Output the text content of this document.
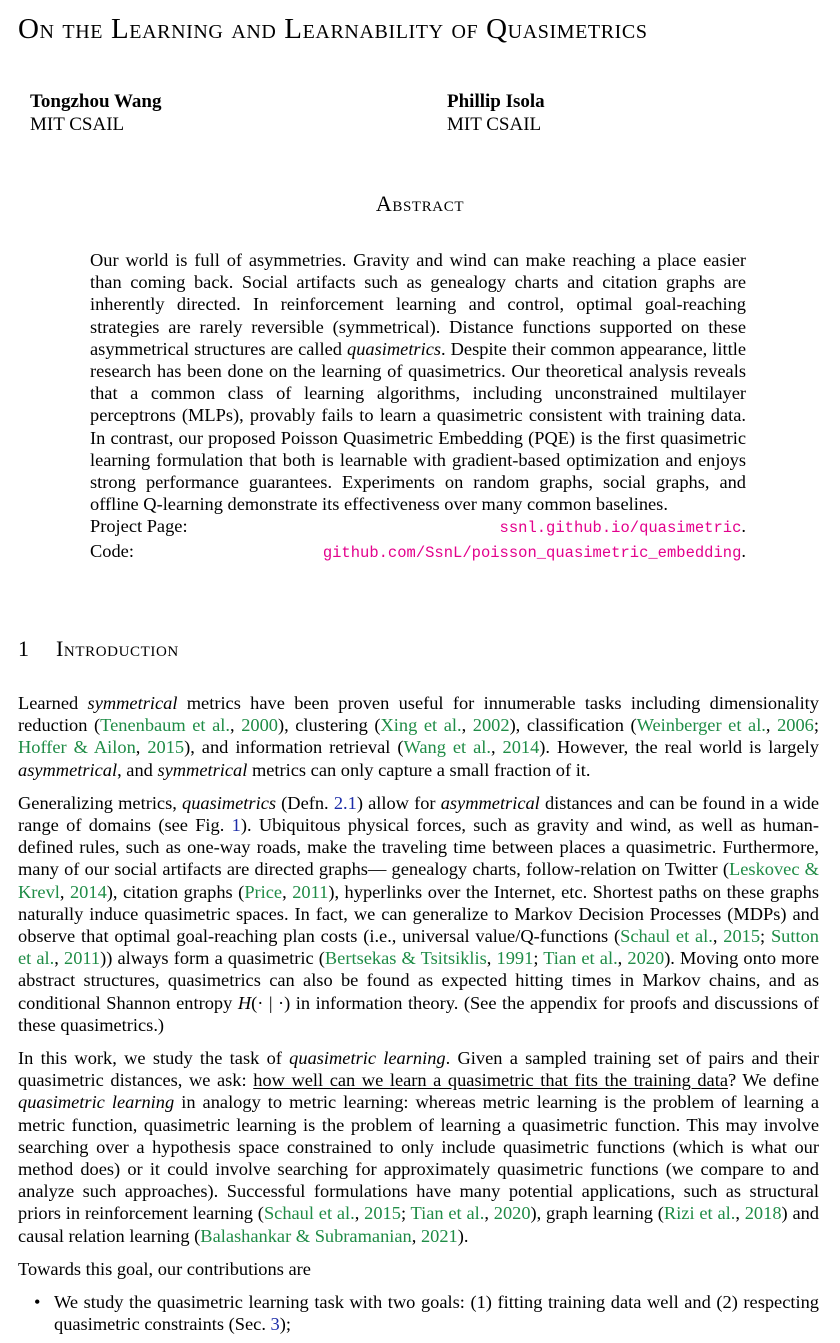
On the Learning and Learnability of Quasimetrics
Tongzhou Wang
MIT CSAIL
Phillip Isola
MIT CSAIL
Abstract

Our world is full of asymmetries. Gravity and wind can make reaching a place easier than coming back. Social artifacts such as genealogy charts and citation graphs are inherently directed. In reinforcement learning and control, optimal goal-reaching strategies are rarely reversible (symmetrical). Distance functions supported on these asymmetrical structures are called quasimetrics. Despite their common appearance, little research has been done on the learning of quasimetrics. Our theoretical analysis reveals that a common class of learning algorithms, including unconstrained multilayer perceptrons (MLPs), provably fails to learn a quasimetric consistent with training data. In contrast, our proposed Poisson Quasimetric Embedding (PQE) is the first quasimetric learning formulation that both is learnable with gradient-based optimization and enjoys strong performance guarantees. Experiments on random graphs, social graphs, and offline Q-learning demonstrate its effectiveness over many common baselines.

Project Page:	ssnl.github.io/quasimetric.
Code:	github.com/SsnL/poisson_quasimetric_embedding.
1 Introduction

Learned symmetrical metrics have been proven useful for innumerable tasks including dimensionality reduction (Tenenbaum et al., 2000), clustering (Xing et al., 2002), classification (Weinberger et al., 2006; Hoffer & Ailon, 2015), and information retrieval (Wang et al., 2014). However, the real world is largely asymmetrical, and symmetrical metrics can only capture a small fraction of it.

Generalizing metrics, quasimetrics (Defn. 2.1) allow for asymmetrical distances and can be found in a wide range of domains (see Fig. 1). Ubiquitous physical forces, such as gravity and wind, as well as human-defined rules, such as one-way roads, make the traveling time between places a quasimetric. Furthermore, many of our social artifacts are directed graphs— genealogy charts, follow-relation on Twitter (Leskovec & Krevl, 2014), citation graphs (Price, 2011), hyperlinks over the Internet, etc. Shortest paths on these graphs naturally induce quasimetric spaces. In fact, we can generalize to Markov Decision Processes (MDPs) and observe that optimal goal-reaching plan costs (i.e., universal value/Q-functions (Schaul et al., 2015; Sutton et al., 2011)) always form a quasimetric (Bertsekas & Tsitsiklis, 1991; Tian et al., 2020). Moving onto more abstract structures, quasimetrics can also be found as expected hitting times in Markov chains, and as conditional Shannon entropy H(· | ·) in information theory. (See the appendix for proofs and discussions of these quasimetrics.)

In this work, we study the task of quasimetric learning. Given a sampled training set of pairs and their quasimetric distances, we ask: how well can we learn a quasimetric that fits the training data? We define quasimetric learning in analogy to metric learning: whereas metric learning is the problem of learning a metric function, quasimetric learning is the problem of learning a quasimetric function. This may involve searching over a hypothesis space constrained to only include quasimetric functions (which is what our method does) or it could involve searching for approximately quasimetric functions (we compare to and analyze such approaches). Successful formulations have many potential applications, such as structural priors in reinforcement learning (Schaul et al., 2015; Tian et al., 2020), graph learning (Rizi et al., 2018) and causal relation learning (Balashankar & Subramanian, 2021).

Towards this goal, our contributions are

• We study the quasimetric learning task with two goals: (1) fitting training data well and (2) respecting quasimetric constraints (Sec. 3);
